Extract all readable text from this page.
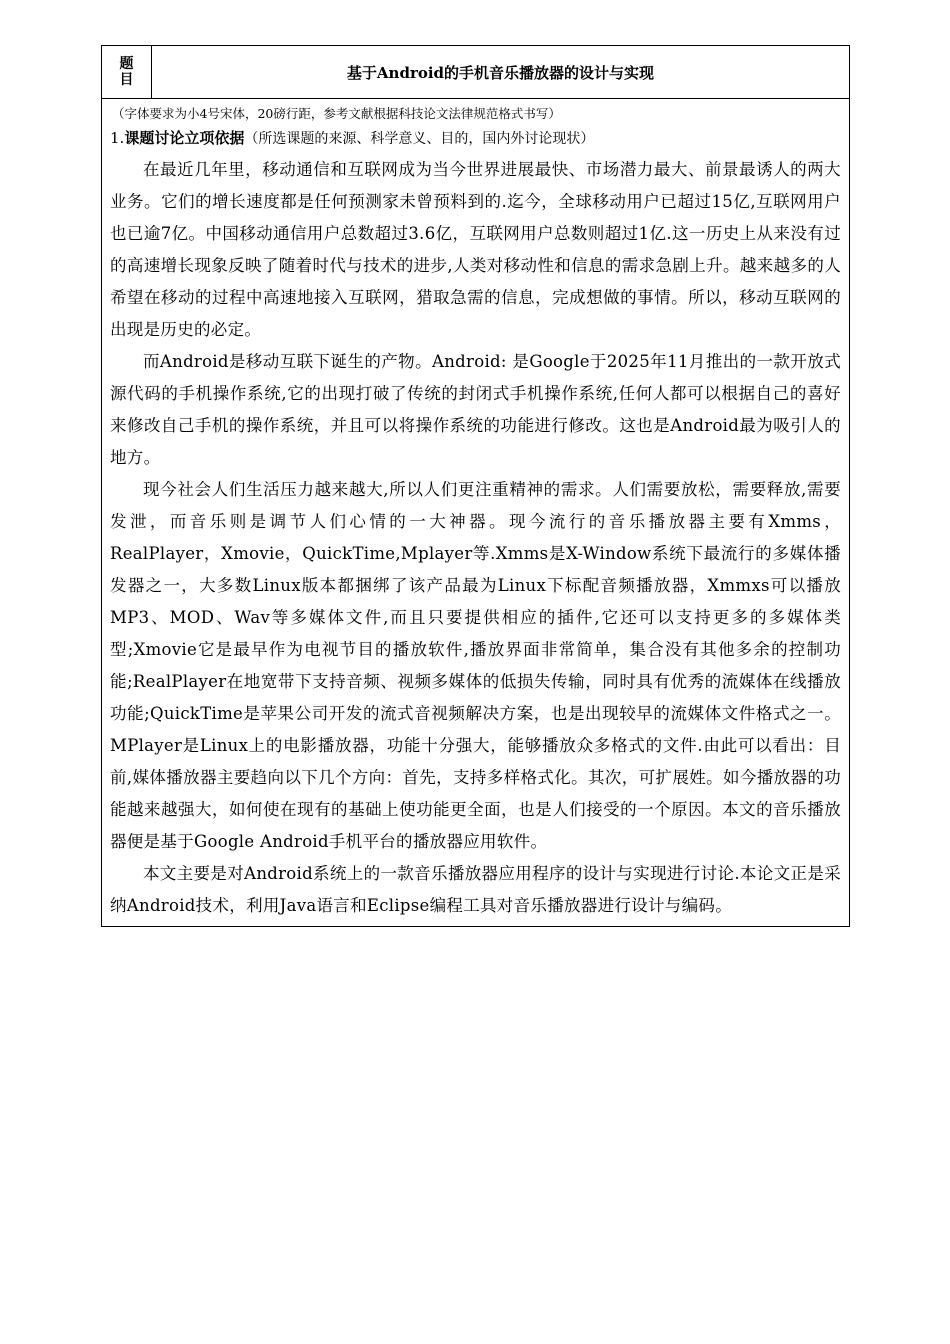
题
目	基于Android的手机音乐播放器的设计与实现
（字体要求为小4号宋体，20磅行距，参考文献根据科技论文法律规范格式书写）
1.课题讨论立项依据（所选课题的来源、科学意义、目的，国内外讨论现状）

在最近几年里，移动通信和互联网成为当今世界进展最快、市场潜力最大、前景最诱人的两大业务。它们的增长速度都是任何预测家未曾预料到的.迄今，全球移动用户已超过15亿,互联网用户也已逾7亿。中国移动通信用户总数超过3.6亿，互联网用户总数则超过1亿.这一历史上从来没有过的高速增长现象反映了随着时代与技术的进步,人类对移动性和信息的需求急剧上升。越来越多的人希望在移动的过程中高速地接入互联网，猎取急需的信息，完成想做的事情。所以，移动互联网的出现是历史的必定。

而Android是移动互联下诞生的产物。Android: 是Google于2025年11月推出的一款开放式源代码的手机操作系统,它的出现打破了传统的封闭式手机操作系统,任何人都可以根据自己的喜好来修改自己手机的操作系统，并且可以将操作系统的功能进行修改。这也是Android最为吸引人的地方。

现今社会人们生活压力越来越大,所以人们更注重精神的需求。人们需要放松，需要释放,需要发泄，而音乐则是调节人们心情的一大神器。现今流行的音乐播放器主要有Xmms，RealPlayer，Xmovie，QuickTime,Mplayer等.Xmms是X-Window系统下最流行的多媒体播发器之一，大多数Linux版本都捆绑了该产品最为Linux下标配音频播放器，Xmmxs可以播放MP3、MOD、Wav等多媒体文件,而且只要提供相应的插件,它还可以支持更多的多媒体类型;Xmovie它是最早作为电视节目的播放软件,播放界面非常简单，集合没有其他多余的控制功能;RealPlayer在地宽带下支持音频、视频多媒体的低损失传输，同时具有优秀的流媒体在线播放功能;QuickTime是苹果公司开发的流式音视频解决方案，也是出现较早的流媒体文件格式之一。MPlayer是Linux上的电影播放器，功能十分强大，能够播放众多格式的文件.由此可以看出：目前,媒体播放器主要趋向以下几个方向：首先，支持多样格式化。其次，可扩展姓。如今播放器的功能越来越强大，如何使在现有的基础上使功能更全面，也是人们接受的一个原因。本文的音乐播放器便是基于Google Android手机平台的播放器应用软件。

本文主要是对Android系统上的一款音乐播放器应用程序的设计与实现进行讨论.本论文正是采纳Android技术，利用Java语言和Eclipse编程工具对音乐播放器进行设计与编码。
